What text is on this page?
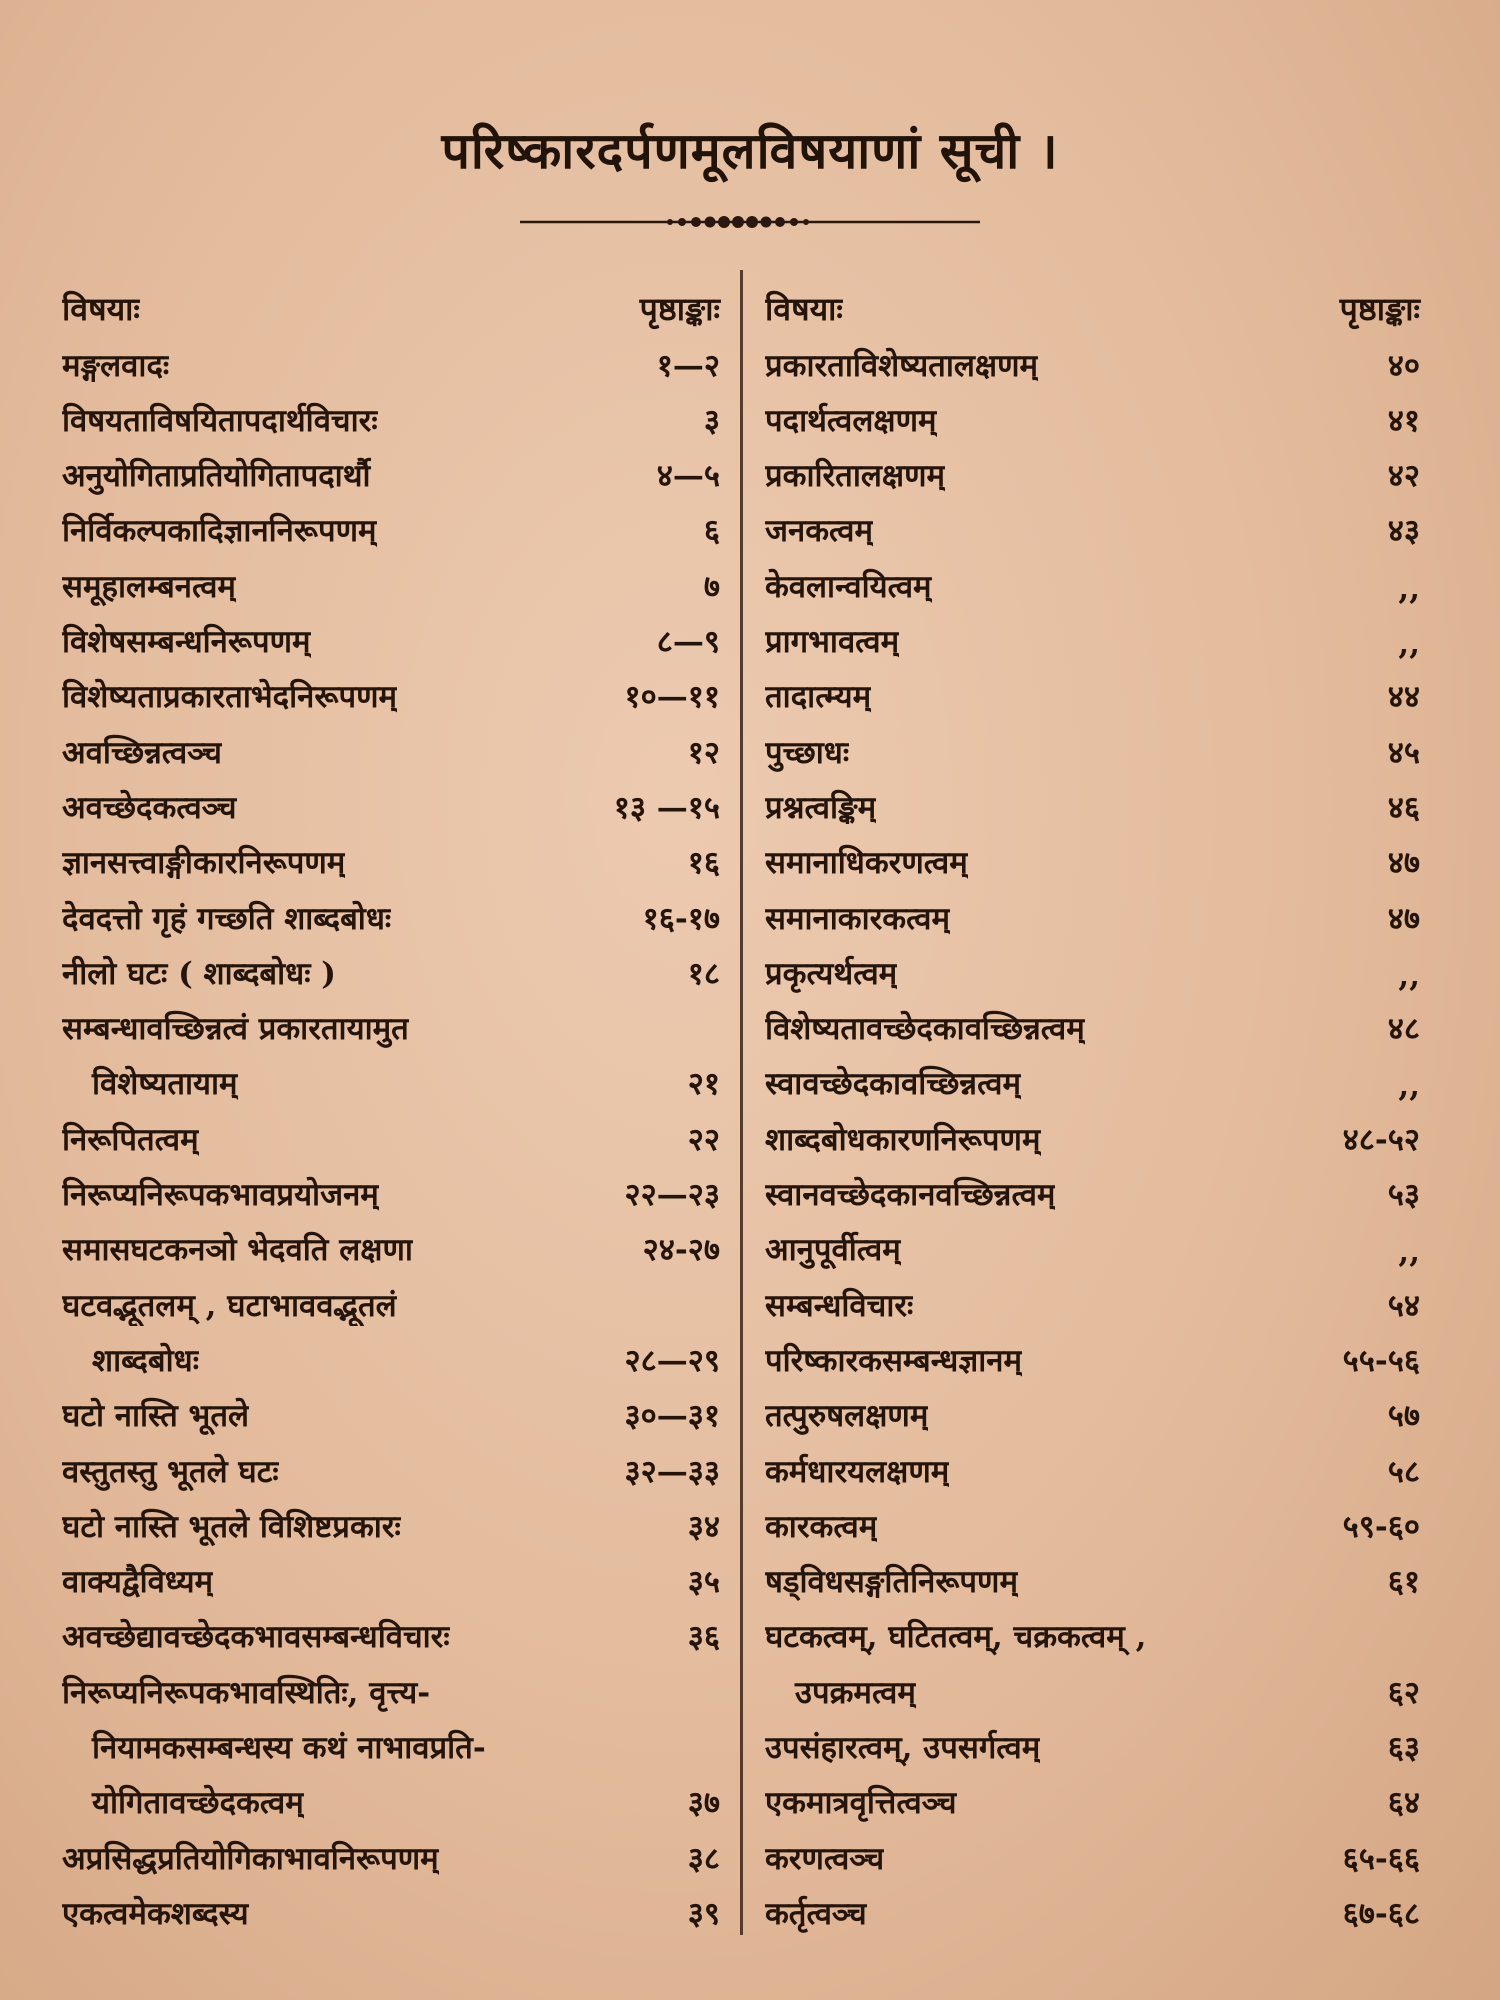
परिष्कारदर्पणमूलविषयाणां सूची ।
विषयाः	पृष्ठाङ्काः
मङ्गलवादः	१—२
विषयताविषयितापदार्थविचारः	३
अनुयोगिताप्रतियोगितापदार्थौ	४—५
निर्विकल्पकादिज्ञाननिरूपणम्	६
समूहालम्बनत्वम्	७
विशेषसम्बन्धनिरूपणम्	८—९
विशेष्यताप्रकारताभेदनिरूपणम्	१०—११
अवच्छिन्नत्वञ्च	१२
अवच्छेदकत्वञ्च	१३ —१५
ज्ञानसत्त्वाङ्गीकारनिरूपणम्	१६
देवदत्तो गृहं गच्छति शाब्दबोधः	१६-१७
नीलो घटः ( शाब्दबोधः )	१८
सम्बन्धावच्छिन्नत्वं प्रकारतायामुत
विशेष्यतायाम्	२१
निरूपितत्वम्	२२
निरूप्यनिरूपकभावप्रयोजनम्	२२—२३
समासघटकनञो भेदवति लक्षणा	२४-२७
घटवद्भूतलम् , घटाभाववद्भूतलं
शाब्दबोधः	२८—२९
घटो नास्ति भूतले	३०—३१
वस्तुतस्तु भूतले घटः	३२—३३
घटो नास्ति भूतले विशिष्टप्रकारः	३४
वाक्यद्वैविध्यम्	३५
अवच्छेद्यावच्छेदकभावसम्बन्धविचारः	३६
निरूप्यनिरूपकभावस्थितिः, वृत्त्य-
नियामकसम्बन्धस्य कथं नाभावप्रति-
योगितावच्छेदकत्वम्	३७
अप्रसिद्धप्रतियोगिकाभावनिरूपणम्	३८
एकत्वमेकशब्दस्य	३९
विषयाः	पृष्ठाङ्काः
प्रकारताविशेष्यतालक्षणम्	४०
पदार्थत्वलक्षणम्	४१
प्रकारितालक्षणम्	४२
जनकत्वम्	४३
केवलान्वयित्वम्	,,
प्रागभावत्वम्	,,
तादात्म्यम्	४४
पुच्छाधः	४५
प्रश्नत्वङ्किम्	४६
समानाधिकरणत्वम्	४७
समानाकारकत्वम्	४७
प्रकृत्यर्थत्वम्	,,
विशेष्यतावच्छेदकावच्छिन्नत्वम्	४८
स्वावच्छेदकावच्छिन्नत्वम्	,,
शाब्दबोधकारणनिरूपणम्	४८-५२
स्वानवच्छेदकानवच्छिन्नत्वम्	५३
आनुपूर्वीत्वम्	,,
सम्बन्धविचारः	५४
परिष्कारकसम्बन्धज्ञानम्	५५-५६
तत्पुरुषलक्षणम्	५७
कर्मधारयलक्षणम्	५८
कारकत्वम्	५९-६०
षड्विधसङ्गतिनिरूपणम्	६१
घटकत्वम्, घटितत्वम्, चक्रकत्वम् ,
उपक्रमत्वम्	६२
उपसंहारत्वम्, उपसर्गत्वम्	६३
एकमात्रवृत्तित्वञ्च	६४
करणत्वञ्च	६५-६६
कर्तृत्वञ्च	६७-६८
